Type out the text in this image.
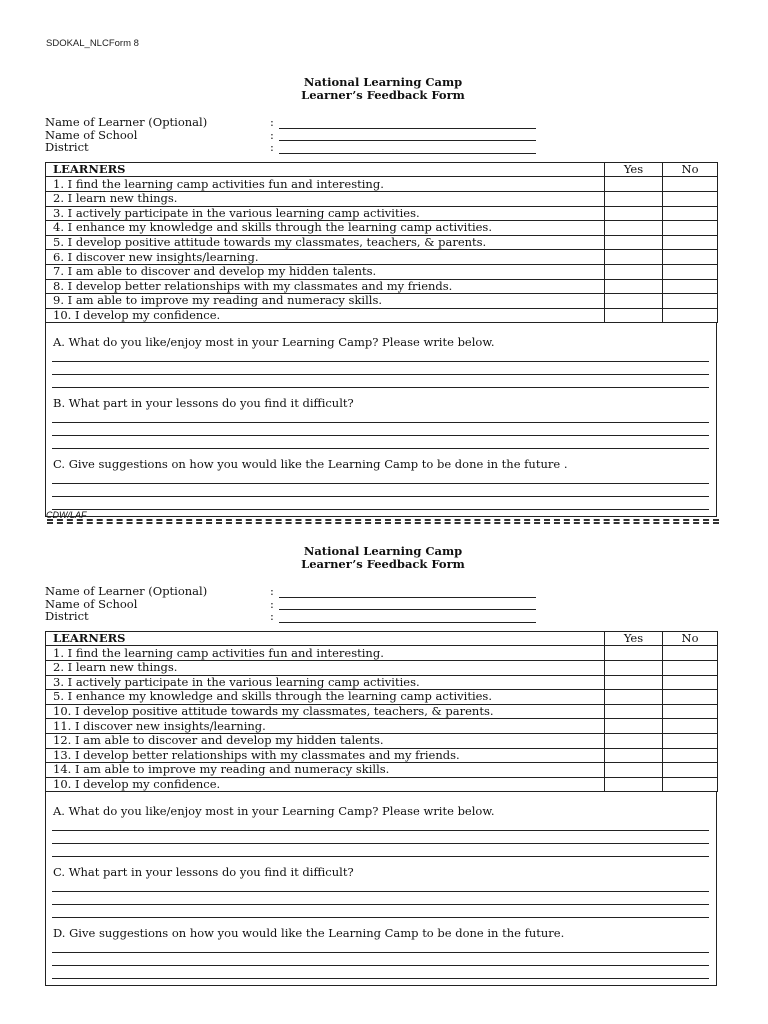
SDOKAL_NLCForm 8
National Learning Camp
Learner’s Feedback Form
Name of Learner (Optional)	:
Name of School	:
District	:
LEARNERS	Yes	No
1. I find the learning camp activities fun and interesting.		
2. I learn new things.		
3. I actively participate in the various learning camp activities.		
4. I enhance my knowledge and skills through the learning camp activities.		
5. I develop positive attitude towards my classmates, teachers, & parents.		
6. I discover new insights/learning.		
7. I am able to discover and develop my hidden talents.		
8. I develop better relationships with my classmates and my friends.		
9. I am able to improve my reading and numeracy skills.		
10. I develop my confidence.		
A. What do you like/enjoy most in your Learning Camp? Please write below.
B. What part in your lessons do you find it difficult?
C. Give suggestions on how you would like the Learning Camp to be done in the future .
CDW/LAF
National Learning Camp
Learner’s Feedback Form
Name of Learner (Optional)	:
Name of School	:
District	:
LEARNERS	Yes	No
1. I find the learning camp activities fun and interesting.		
2. I learn new things.		
3. I actively participate in the various learning camp activities.		
5. I enhance my knowledge and skills through the learning camp activities.		
10. I develop positive attitude towards my classmates, teachers, & parents.		
11. I discover new insights/learning.		
12. I am able to discover and develop my hidden talents.		
13. I develop better relationships with my classmates and my friends.		
14. I am able to improve my reading and numeracy skills.		
10. I develop my confidence.		
A. What do you like/enjoy most in your Learning Camp? Please write below.
C. What part in your lessons do you find it difficult?
D. Give suggestions on how you would like the Learning Camp to be done in the future.
